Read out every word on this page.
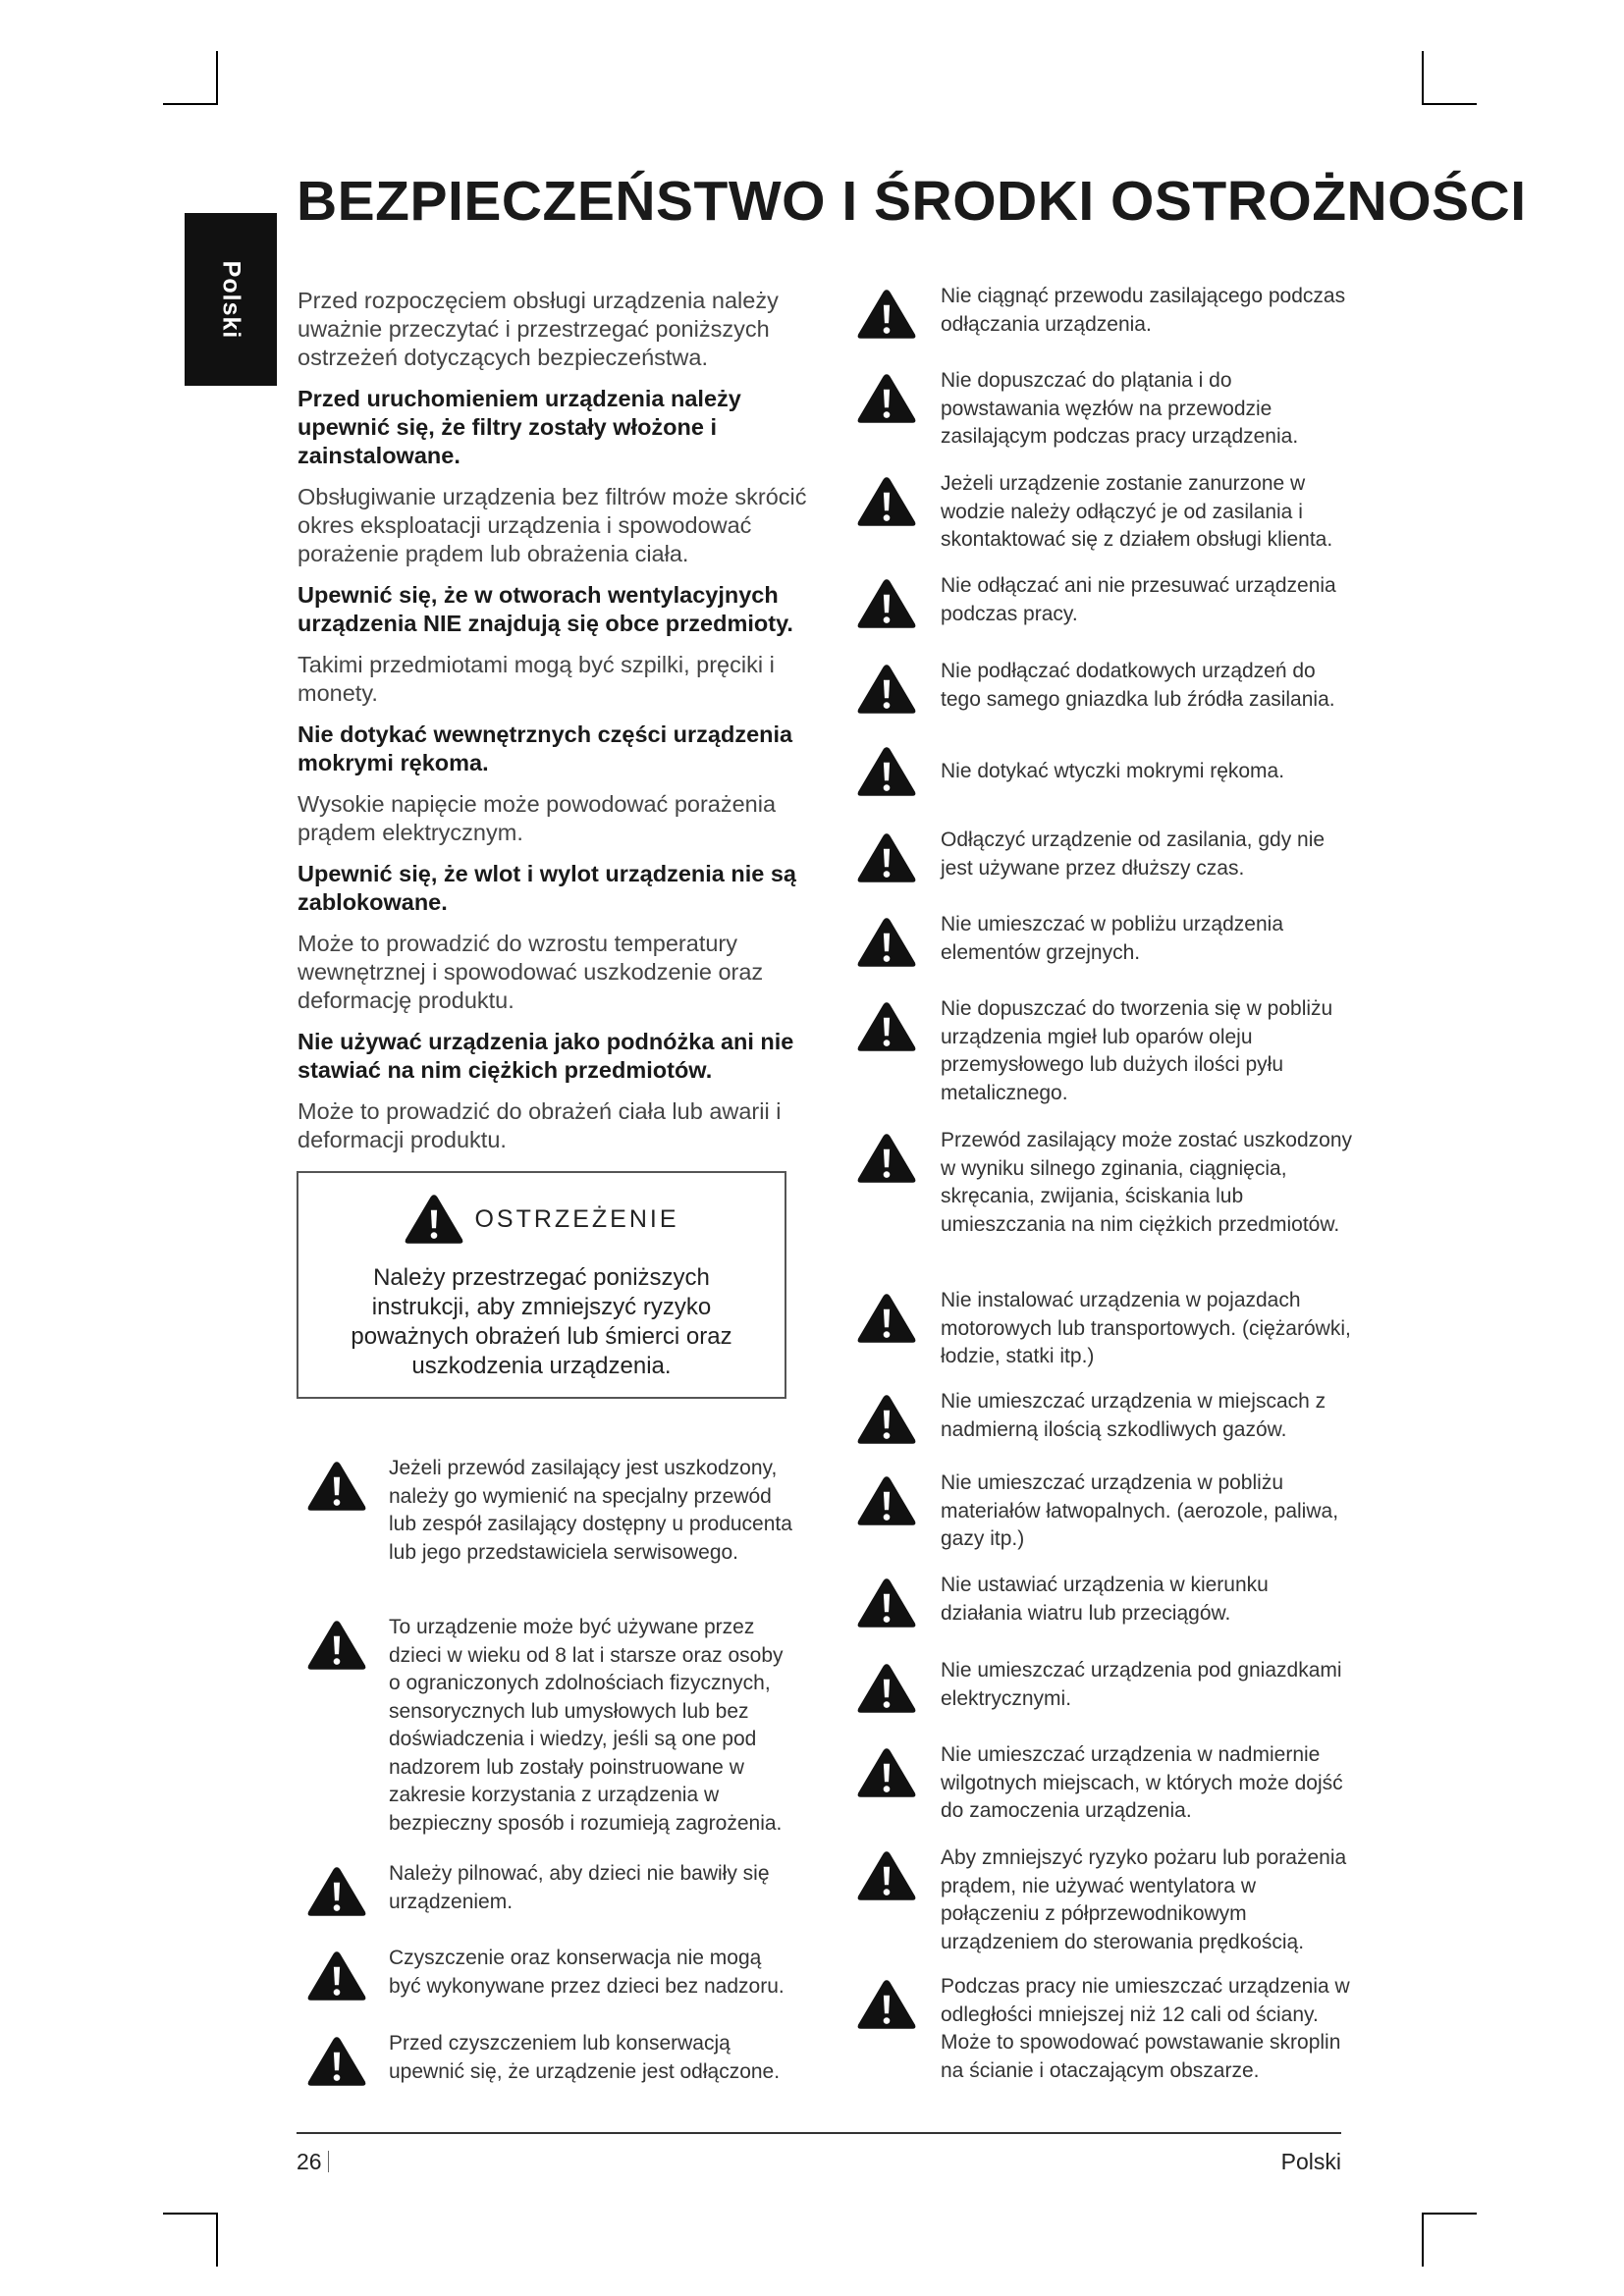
Polski
BEZPIECZEŃSTWO I ŚRODKI OSTROŻNOŚCI

Przed rozpoczęciem obsługi urządzenia należy uważnie przeczytać i przestrzegać poniższych ostrzeżeń dotyczących bezpieczeństwa.

Przed uruchomieniem urządzenia należy upewnić się, że filtry zostały włożone i zainstalowane.

Obsługiwanie urządzenia bez filtrów może skrócić okres eksploatacji urządzenia i spowodować porażenie prądem lub obrażenia ciała.

Upewnić się, że w otworach wentylacyjnych urządzenia NIE znajdują się obce przedmioty.

Takimi przedmiotami mogą być szpilki, pręciki i monety.

Nie dotykać wewnętrznych części urządzenia mokrymi rękoma.

Wysokie napięcie może powodować porażenia prądem elektrycznym.

Upewnić się, że wlot i wylot urządzenia nie są zablokowane.

Może to prowadzić do wzrostu temperatury wewnętrznej i spowodować uszkodzenie oraz deformację produktu.

Nie używać urządzenia jako podnóżka ani nie stawiać na nim ciężkich przedmiotów.

Może to prowadzić do obrażeń ciała lub awarii i deformacji produktu.

OSTRZEŻENIE

Należy przestrzegać poniższych instrukcji, aby zmniejszyć ryzyko poważnych obrażeń lub śmierci oraz uszkodzenia urządzenia.

Jeżeli przewód zasilający jest uszkodzony, należy go wymienić na specjalny przewód lub zespół zasilający dostępny u producenta lub jego przedstawiciela serwisowego.
To urządzenie może być używane przez dzieci w wieku od 8 lat i starsze oraz osoby o ograniczonych zdolnościach fizycznych, sensorycznych lub umysłowych lub bez doświadczenia i wiedzy, jeśli są one pod nadzorem lub zostały poinstruowane w zakresie korzystania z urządzenia w bezpieczny sposób i rozumieją zagrożenia.
Należy pilnować, aby dzieci nie bawiły się urządzeniem.
Czyszczenie oraz konserwacja nie mogą być wykonywane przez dzieci bez nadzoru.
Przed czyszczeniem lub konserwacją upewnić się, że urządzenie jest odłączone.
Nie ciągnąć przewodu zasilającego podczas odłączania urządzenia.
Nie dopuszczać do plątania i do powstawania węzłów na przewodzie zasilającym podczas pracy urządzenia.
Jeżeli urządzenie zostanie zanurzone w wodzie należy odłączyć je od zasilania i skontaktować się z działem obsługi klienta.
Nie odłączać ani nie przesuwać urządzenia podczas pracy.
Nie podłączać dodatkowych urządzeń do tego samego gniazdka lub źródła zasilania.
Nie dotykać wtyczki mokrymi rękoma.
Odłączyć urządzenie od zasilania, gdy nie jest używane przez dłuższy czas.
Nie umieszczać w pobliżu urządzenia elementów grzejnych.
Nie dopuszczać do tworzenia się w pobliżu urządzenia mgieł lub oparów oleju przemysłowego lub dużych ilości pyłu metalicznego.
Przewód zasilający może zostać uszkodzony w wyniku silnego zginania, ciągnięcia, skręcania, zwijania, ściskania lub umieszczania na nim ciężkich przedmiotów.
Nie instalować urządzenia w pojazdach motorowych lub transportowych. (ciężarówki, łodzie, statki itp.)
Nie umieszczać urządzenia w miejscach z nadmierną ilością szkodliwych gazów.
Nie umieszczać urządzenia w pobliżu materiałów łatwopalnych. (aerozole, paliwa, gazy itp.)
Nie ustawiać urządzenia w kierunku działania wiatru lub przeciągów.
Nie umieszczać urządzenia pod gniazdkami elektrycznymi.
Nie umieszczać urządzenia w nadmiernie wilgotnych miejscach, w których może dojść do zamoczenia urządzenia.
Aby zmniejszyć ryzyko pożaru lub porażenia prądem, nie używać wentylatora w połączeniu z półprzewodnikowym urządzeniem do sterowania prędkością.
Podczas pracy nie umieszczać urządzenia w odległości mniejszej niż 12 cali od ściany. Może to spowodować powstawanie skroplin na ścianie i otaczającym obszarze.
26	Polski
